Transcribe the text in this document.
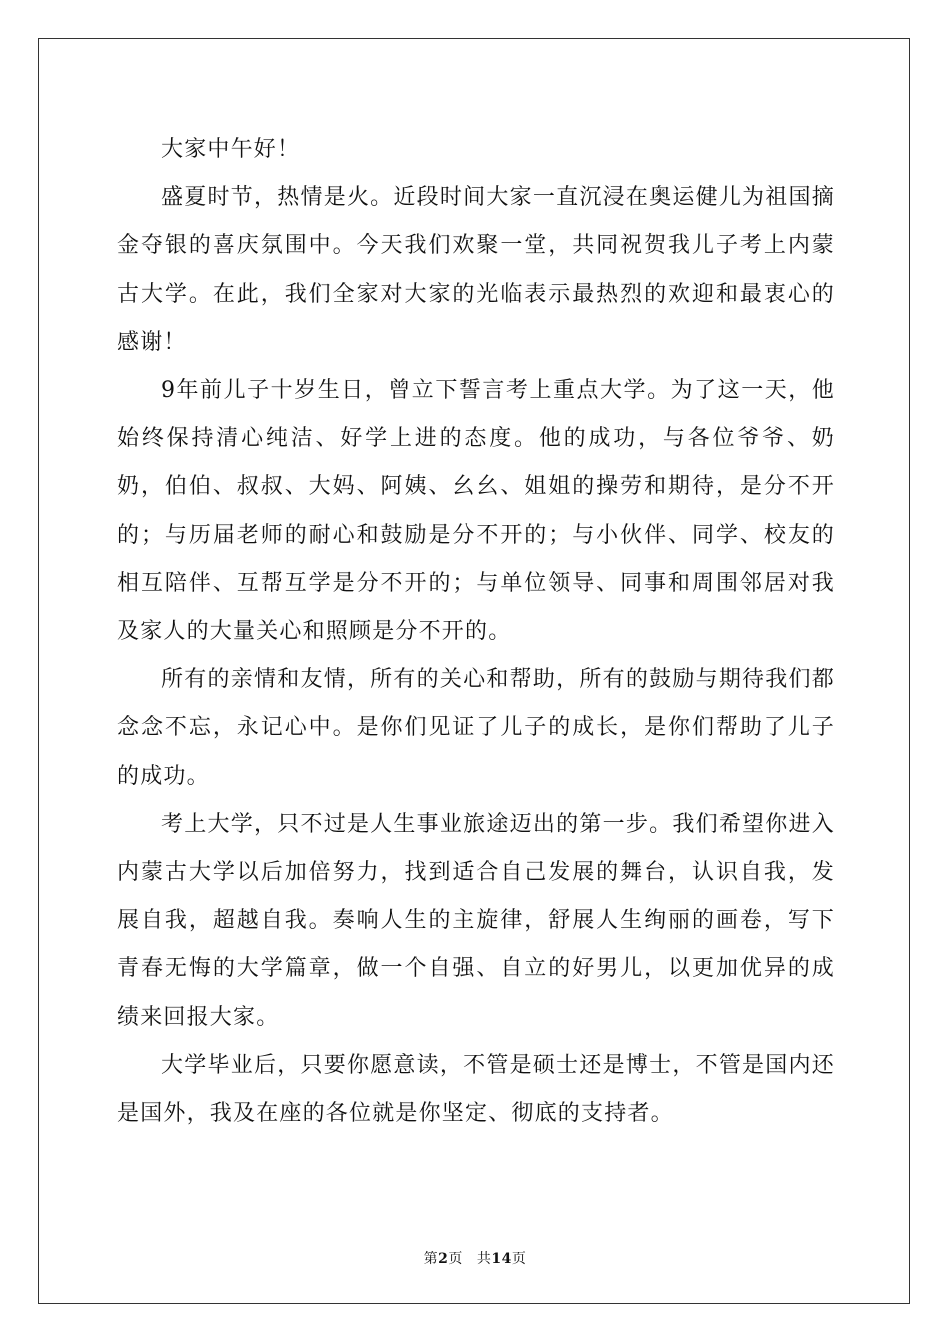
大家中午好！

盛夏时节，热情是火。近段时间大家一直沉浸在奥运健儿为祖国摘金夺银的喜庆氛围中。今天我们欢聚一堂，共同祝贺我儿子考上内蒙古大学。在此，我们全家对大家的光临表示最热烈的欢迎和最衷心的感谢！

9年前儿子十岁生日，曾立下誓言考上重点大学。为了这一天，他始终保持清心纯洁、好学上进的态度。他的成功，与各位爷爷、奶奶，伯伯、叔叔、大妈、阿姨、幺幺、姐姐的操劳和期待，是分不开的；与历届老师的耐心和鼓励是分不开的；与小伙伴、同学、校友的相互陪伴、互帮互学是分不开的；与单位领导、同事和周围邻居对我及家人的大量关心和照顾是分不开的。

所有的亲情和友情，所有的关心和帮助，所有的鼓励与期待我们都念念不忘，永记心中。是你们见证了儿子的成长，是你们帮助了儿子的成功。

考上大学，只不过是人生事业旅途迈出的第一步。我们希望你进入内蒙古大学以后加倍努力，找到适合自己发展的舞台，认识自我，发展自我，超越自我。奏响人生的主旋律，舒展人生绚丽的画卷，写下青春无悔的大学篇章，做一个自强、自立的好男儿，以更加优异的成绩来回报大家。

大学毕业后，只要你愿意读，不管是硕士还是博士，不管是国内还是国外，我及在座的各位就是你坚定、彻底的支持者。

第2页 共14页
